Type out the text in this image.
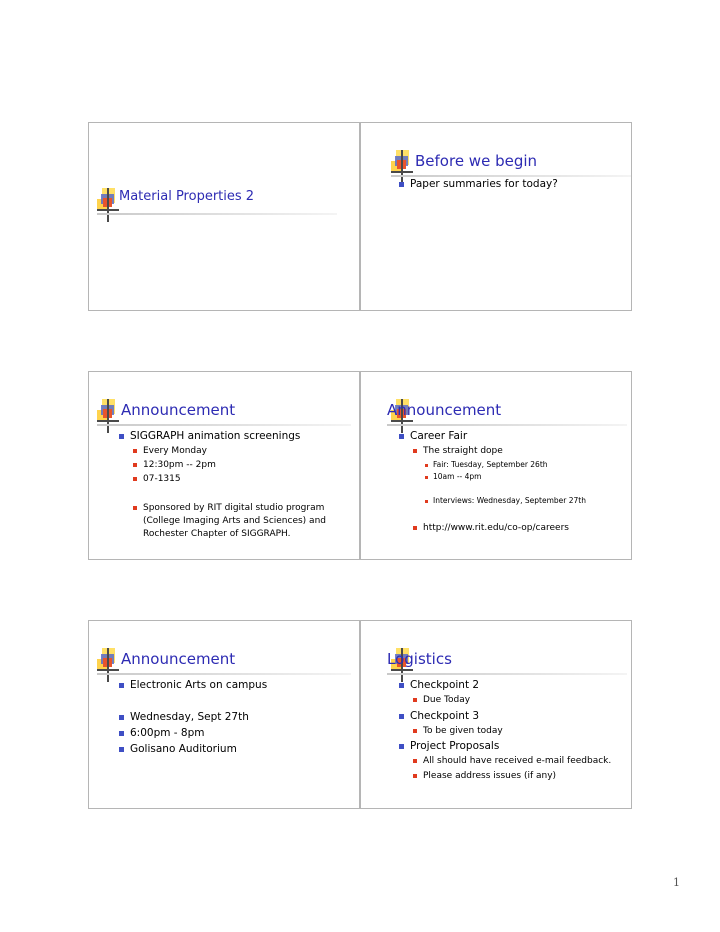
Material Properties 2
Before we begin
Paper summaries for today?
Announcement
SIGGRAPH animation screenings
Every Monday
12:30pm -- 2pm
07-1315
Sponsored by RIT digital studio program
(College Imaging Arts and Sciences) and
Rochester Chapter of SIGGRAPH.
Announcement
Career Fair
The straight dope
Fair: Tuesday, September 26th
10am -- 4pm
Interviews: Wednesday, September 27th
http://www.rit.edu/co-op/careers
Announcement
Electronic Arts on campus
Wednesday, Sept 27th
6:00pm - 8pm
Golisano Auditorium
Logistics
Checkpoint 2
Due Today
Checkpoint 3
To be given today
Project Proposals
All should have received e-mail feedback.
Please address issues (if any)
1
